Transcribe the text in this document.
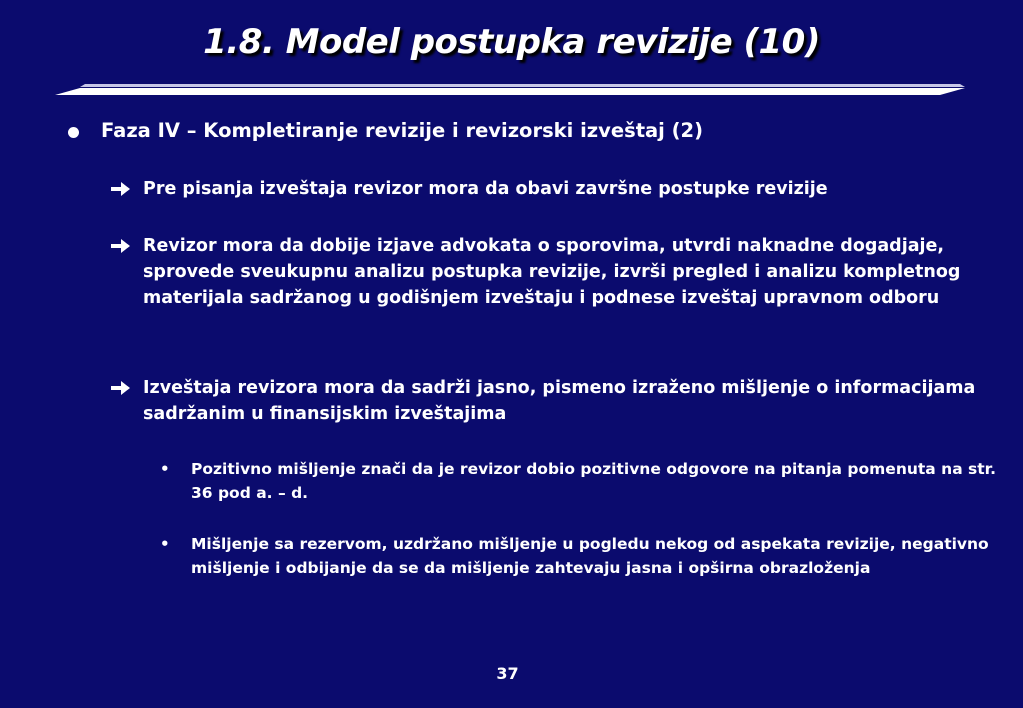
1.8. Model postupka revizije (10)
Faza IV – Kompletiranje revizije i revizorski izveštaj (2)
Pre pisanja izveštaja revizor mora da obavi završne postupke revizije
Revizor mora da dobije izjave advokata o sporovima, utvrdi naknadne dogadjaje, sprovede sveukupnu analizu postupka revizije, izvrši pregled i analizu kompletnog materijala sadržanog u godišnjem izveštaju i podnese izveštaj upravnom odboru
Izveštaja revizora mora da sadrži jasno, pismeno izraženo mišljenje o informacijama sadržanim u finansijskim izveštajima
• Pozitivno mišljenje znači da je revizor dobio pozitivne odgovore na pitanja pomenuta na str. 36 pod a. – d.
• Mišljenje sa rezervom, uzdržano mišljenje u pogledu nekog od aspekata revizije, negativno mišljenje i odbijanje da se da mišljenje zahtevaju jasna i opširna obrazloženja
37
